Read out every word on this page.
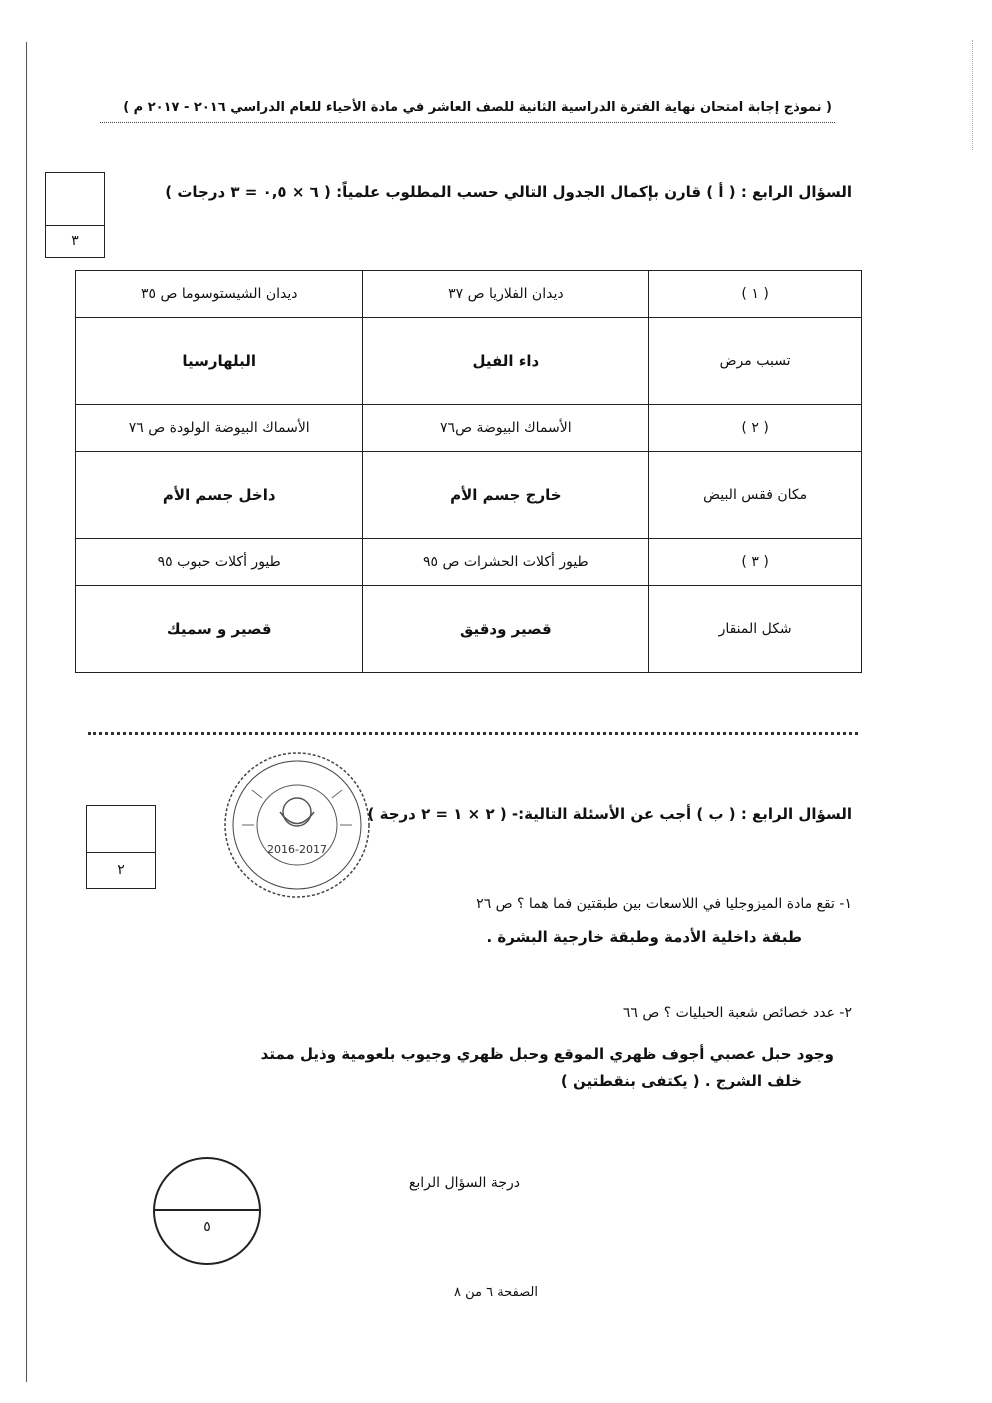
( نموذج إجابة امتحان نهاية الفترة الدراسية الثانية للصف العاشر في مادة الأحياء للعام الدراسي ٢٠١٦ - ٢٠١٧ م )
٣
السؤال الرابع : ( أ ) قارن بإكمال الجدول التالي حسب المطلوب علمياً: ( ٦ × ٠,٥ = ٣ درجات )
( ١ )	ديدان الفلاريا ص ٣٧	ديدان الشيستوسوما ص ٣٥
تسبب مرض	داء الفيل	البلهارسيا
( ٢ )	الأسماك البيوضة ص٧٦	الأسماك البيوضة الولودة ص ٧٦
مكان فقس البيض	خارج جسم الأم	داخل جسم الأم
( ٣ )	طيور أكلات الحشرات ص ٩٥	طيور أكلات حبوب ٩٥
شكل المنقار	قصير ودقيق	قصير و سميك
٢
2016-2017
السؤال الرابع : ( ب ) أجب عن الأسئلة التالية:- ( ٢ × ١ = ٢ درجة )
١- تقع مادة الميزوجليا في اللاسعات بين طبقتين فما هما ؟ ص ٢٦
طبقة داخلية الأدمة وطبقة خارجية البشرة .
٢- عدد خصائص شعبة الحبليات ؟ ص ٦٦
وجود حبل عصبي أجوف ظهري الموقع وحبل ظهري وجيوب بلعومية وذيل ممتد
خلف الشرج . ( يكتفى بنقطتين )
٥
درجة السؤال الرابع
الصفحة ٦ من ٨
